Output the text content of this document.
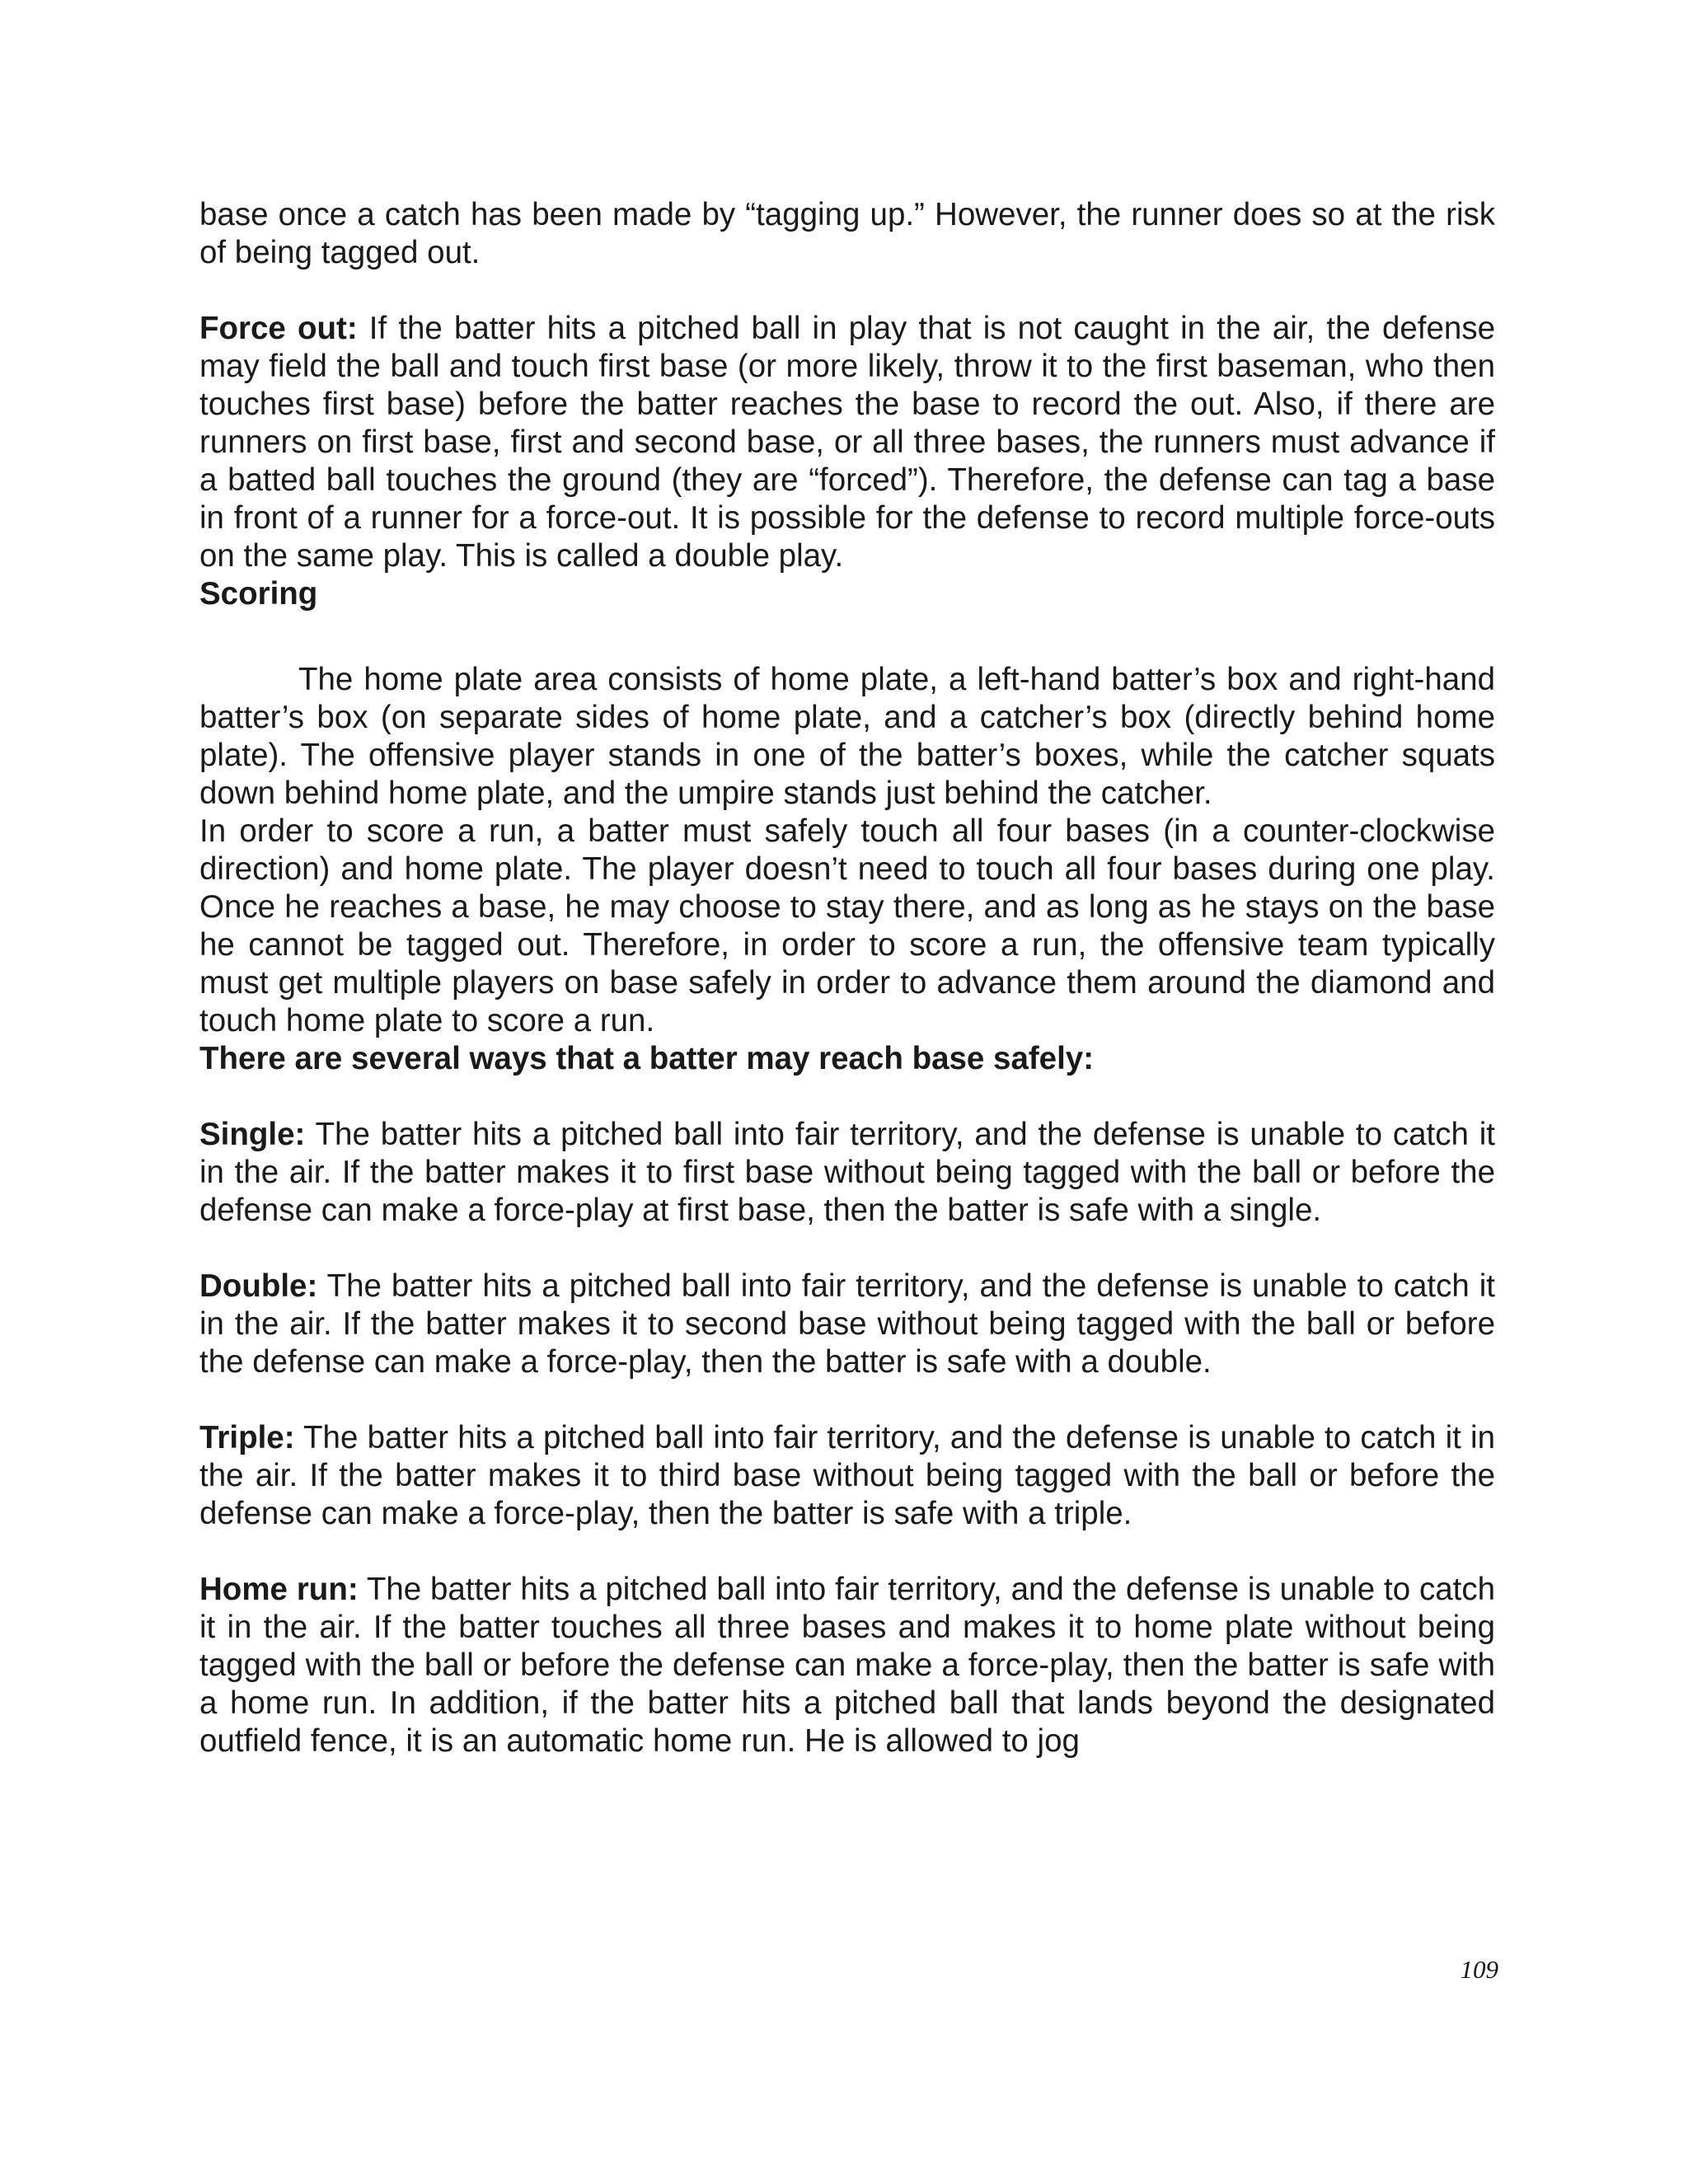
base once a catch has been made by “tagging up.” However, the runner does so at the risk of being tagged out.

Force out: If the batter hits a pitched ball in play that is not caught in the air, the defense may field the ball and touch first base (or more likely, throw it to the first baseman, who then touches first base) before the batter reaches the base to record the out. Also, if there are runners on first base, first and second base, or all three bases, the runners must advance if a batted ball touches the ground (they are “forced”). Therefore, the defense can tag a base in front of a runner for a force-out. It is possible for the defense to record multiple force-outs on the same play. This is called a double play.

Scoring

The home plate area consists of home plate, a left-hand batter’s box and right-hand batter’s box (on separate sides of home plate, and a catcher’s box (directly behind home plate). The offensive player stands in one of the batter’s boxes, while the catcher squats down behind home plate, and the umpire stands just behind the catcher.

In order to score a run, a batter must safely touch all four bases (in a counter-clockwise direction) and home plate. The player doesn’t need to touch all four bases during one play. Once he reaches a base, he may choose to stay there, and as long as he stays on the base he cannot be tagged out. Therefore, in order to score a run, the offensive team typically must get multiple players on base safely in order to advance them around the diamond and touch home plate to score a run.

There are several ways that a batter may reach base safely:

Single: The batter hits a pitched ball into fair territory, and the defense is unable to catch it in the air. If the batter makes it to first base without being tagged with the ball or before the defense can make a force-play at first base, then the batter is safe with a single.

Double: The batter hits a pitched ball into fair territory, and the defense is unable to catch it in the air. If the batter makes it to second base without being tagged with the ball or before the defense can make a force-play, then the batter is safe with a double.

Triple: The batter hits a pitched ball into fair territory, and the defense is unable to catch it in the air. If the batter makes it to third base without being tagged with the ball or before the defense can make a force-play, then the batter is safe with a triple.

Home run: The batter hits a pitched ball into fair territory, and the defense is unable to catch it in the air. If the batter touches all three bases and makes it to home plate without being tagged with the ball or before the defense can make a force-play, then the batter is safe with a home run. In addition, if the batter hits a pitched ball that lands beyond the designated outfield fence, it is an automatic home run. He is allowed to jog

109
